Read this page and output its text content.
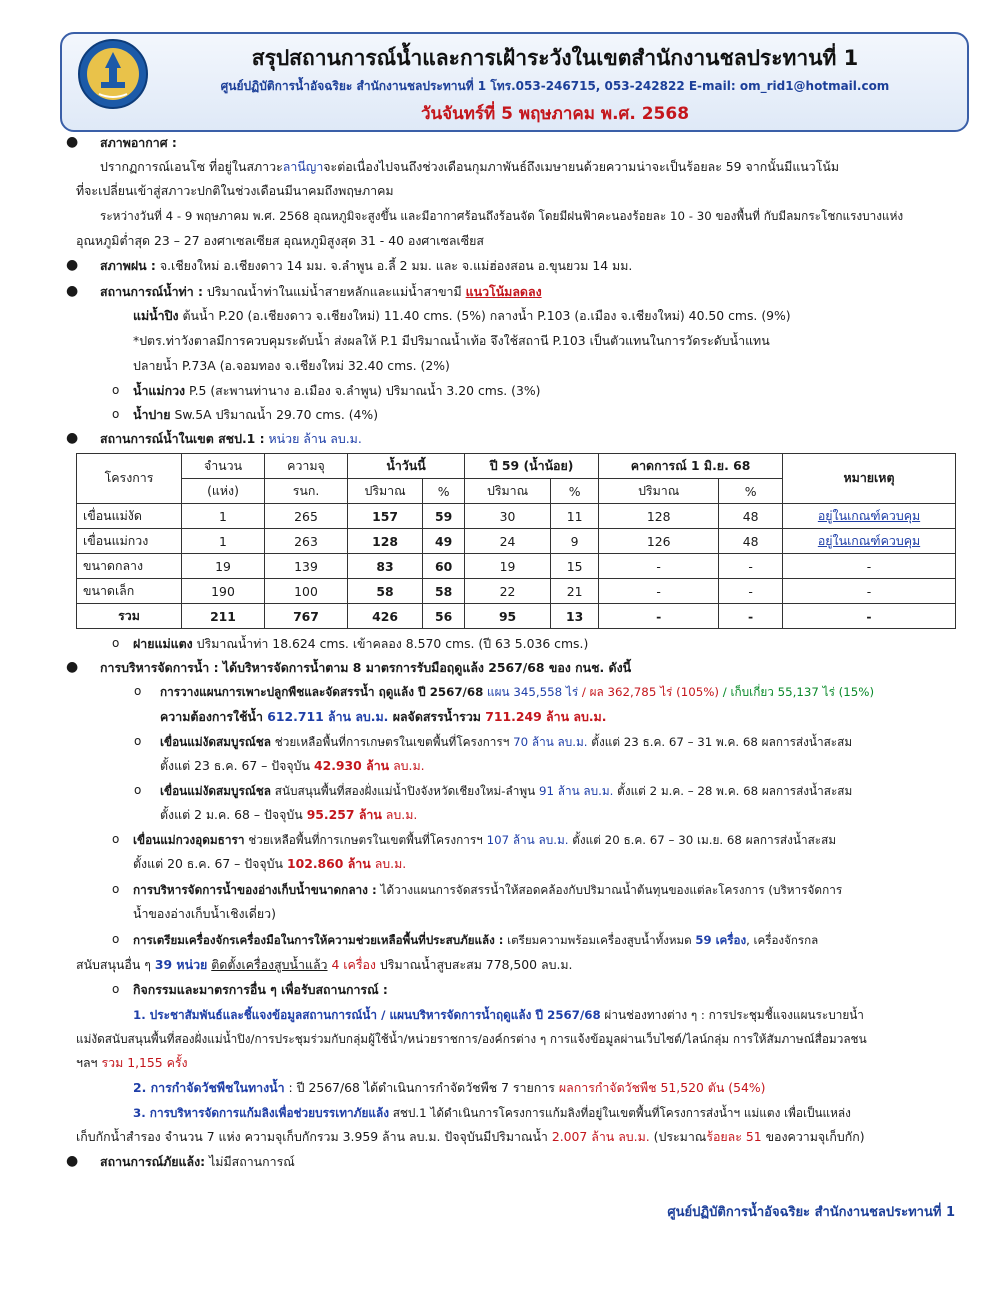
สรุปสถานการณ์น้ำและการเฝ้าระวังในเขตสำนักงานชลประทานที่ 1
ศูนย์ปฏิบัติการน้ำอัจฉริยะ สำนักงานชลประทานที่ 1 โทร.053-246715, 053-242822 E-mail: om_rid1@hotmail.com
วันจันทร์ที่ 5 พฤษภาคม พ.ศ. 2568
● สภาพอากาศ :
ปรากฏการณ์เอนโซ ที่อยู่ในสภาวะลานีญาจะต่อเนื่องไปจนถึงช่วงเดือนกุมภาพันธ์ถึงเมษายนด้วยความน่าจะเป็นร้อยละ 59 จากนั้นมีแนวโน้ม
ที่จะเปลี่ยนเข้าสู่สภาวะปกติในช่วงเดือนมีนาคมถึงพฤษภาคม
ระหว่างวันที่ 4 - 9 พฤษภาคม พ.ศ. 2568 อุณหภูมิจะสูงขึ้น และมีอากาศร้อนถึงร้อนจัด โดยมีฝนฟ้าคะนองร้อยละ 10 - 30 ของพื้นที่ กับมีลมกระโชกแรงบางแห่ง
อุณหภูมิต่ำสุด 23 – 27 องศาเซลเซียส อุณหภูมิสูงสุด 31 - 40 องศาเซลเซียส
● สภาพฝน : จ.เชียงใหม่ อ.เชียงดาว 14 มม. จ.ลำพูน อ.ลี้ 2 มม. และ จ.แม่ฮ่องสอน อ.ขุนยวม 14 มม.
● สถานการณ์น้ำท่า : ปริมาณน้ำท่าในแม่น้ำสายหลักและแม่น้ำสาขามี แนวโน้มลดลง
แม่น้ำปิง ต้นน้ำ P.20 (อ.เชียงดาว จ.เชียงใหม่) 11.40 cms. (5%) กลางน้ำ P.103 (อ.เมือง จ.เชียงใหม่) 40.50 cms. (9%)
*ปตร.ท่าวังตาลมีการควบคุมระดับน้ำ ส่งผลให้ P.1 มีปริมาณน้ำเท้อ จึงใช้สถานี P.103 เป็นตัวแทนในการวัดระดับน้ำแทน
ปลายน้ำ P.73A (อ.จอมทอง จ.เชียงใหม่ 32.40 cms. (2%)
o น้ำแม่กวง P.5 (สะพานท่านาง อ.เมือง จ.ลำพูน) ปริมาณน้ำ 3.20 cms. (3%)
o น้ำปาย Sw.5A ปริมาณน้ำ 29.70 cms. (4%)
● สถานการณ์น้ำในเขต สชป.1 : หน่วย ล้าน ลบ.ม.
โครงการ	จำนวน	ความจุ	น้ำวันนี้		ปี 59 (น้ำน้อย)		คาดการณ์ 1 มิ.ย. 68		หมายเหตุ
	(แห่ง)	รนก.	ปริมาณ	%	ปริมาณ	%	ปริมาณ	%	
เขื่อนแม่งัด	1	265	157	59	30	11	128	48	อยู่ในเกณฑ์ควบคุม
เขื่อนแม่กวง	1	263	128	49	24	9	126	48	อยู่ในเกณฑ์ควบคุม
ขนาดกลาง	19	139	83	60	19	15	-	-	-
ขนาดเล็ก	190	100	58	58	22	21	-	-	-
รวม	211	767	426	56	95	13	-	-	-
o ฝายแม่แตง ปริมาณน้ำท่า 18.624 cms. เข้าคลอง 8.570 cms. (ปี 63 5.036 cms.)
● การบริหารจัดการน้ำ : ได้บริหารจัดการน้ำตาม 8 มาตรการรับมือฤดูแล้ง 2567/68 ของ กนช. ดังนี้
o การวางแผนการเพาะปลูกพืชและจัดสรรน้ำ ฤดูแล้ง ปี 2567/68 แผน 345,558 ไร่ / ผล 362,785 ไร่ (105%) / เก็บเกี่ยว 55,137 ไร่ (15%)
ความต้องการใช้น้ำ 612.711 ล้าน ลบ.ม. ผลจัดสรรน้ำรวม 711.249 ล้าน ลบ.ม.
o เขื่อนแม่งัดสมบูรณ์ชล ช่วยเหลือพื้นที่การเกษตรในเขตพื้นที่โครงการฯ 70 ล้าน ลบ.ม. ตั้งแต่ 23 ธ.ค. 67 – 31 พ.ค. 68 ผลการส่งน้ำสะสม
ตั้งแต่ 23 ธ.ค. 67 – ปัจจุบัน 42.930 ล้าน ลบ.ม.
o เขื่อนแม่งัดสมบูรณ์ชล สนับสนุนพื้นที่สองฝั่งแม่น้ำปิงจังหวัดเชียงใหม่-ลำพูน 91 ล้าน ลบ.ม. ตั้งแต่ 2 ม.ค. – 28 พ.ค. 68 ผลการส่งน้ำสะสม
ตั้งแต่ 2 ม.ค. 68 – ปัจจุบัน 95.257 ล้าน ลบ.ม.
o เขื่อนแม่กวงอุดมธารา ช่วยเหลือพื้นที่การเกษตรในเขตพื้นที่โครงการฯ 107 ล้าน ลบ.ม. ตั้งแต่ 20 ธ.ค. 67 – 30 เม.ย. 68 ผลการส่งน้ำสะสม
ตั้งแต่ 20 ธ.ค. 67 – ปัจจุบัน 102.860 ล้าน ลบ.ม.
o การบริหารจัดการน้ำของอ่างเก็บน้ำขนาดกลาง : ได้วางแผนการจัดสรรน้ำให้สอดคล้องกับปริมาณน้ำต้นทุนของแต่ละโครงการ (บริหารจัดการ
น้ำของอ่างเก็บน้ำเชิงเดี่ยว)
o การเตรียมเครื่องจักรเครื่องมือในการให้ความช่วยเหลือพื้นที่ประสบภัยแล้ง : เตรียมความพร้อมเครื่องสูบน้ำทั้งหมด 59 เครื่อง, เครื่องจักรกล
สนับสนุนอื่น ๆ 39 หน่วย ติดตั้งเครื่องสูบน้ำแล้ว 4 เครื่อง ปริมาณน้ำสูบสะสม 778,500 ลบ.ม.
o กิจกรรมและมาตรการอื่น ๆ เพื่อรับสถานการณ์ :
1. ประชาสัมพันธ์และชี้แจงข้อมูลสถานการณ์น้ำ / แผนบริหารจัดการน้ำฤดูแล้ง ปี 2567/68 ผ่านช่องทางต่าง ๆ : การประชุมชี้แจงแผนระบายน้ำ
แม่งัดสนับสนุนพื้นที่สองฝั่งแม่น้ำปิง/การประชุมร่วมกับกลุ่มผู้ใช้น้ำ/หน่วยราชการ/องค์กรต่าง ๆ การแจ้งข้อมูลผ่านเว็บไซต์/ไลน์กลุ่ม การให้สัมภาษณ์สื่อมวลชน
ฯลฯ รวม 1,155 ครั้ง
2. การกำจัดวัชพืชในทางน้ำ : ปี 2567/68 ได้ดำเนินการกำจัดวัชพืช 7 รายการ ผลการกำจัดวัชพืช 51,520 ตัน (54%)
3. การบริหารจัดการแก้มลิงเพื่อช่วยบรรเทาภัยแล้ง สชป.1 ได้ดำเนินการโครงการแก้มลิงที่อยู่ในเขตพื้นที่โครงการส่งน้ำฯ แม่แตง เพื่อเป็นแหล่ง
เก็บกักน้ำสำรอง จำนวน 7 แห่ง ความจุเก็บกักรวม 3.959 ล้าน ลบ.ม. ปัจจุบันมีปริมาณน้ำ 2.007 ล้าน ลบ.ม. (ประมาณร้อยละ 51 ของความจุเก็บกัก)
● สถานการณ์ภัยแล้ง: ไม่มีสถานการณ์
ศูนย์ปฏิบัติการน้ำอัจฉริยะ สำนักงานชลประทานที่ 1
